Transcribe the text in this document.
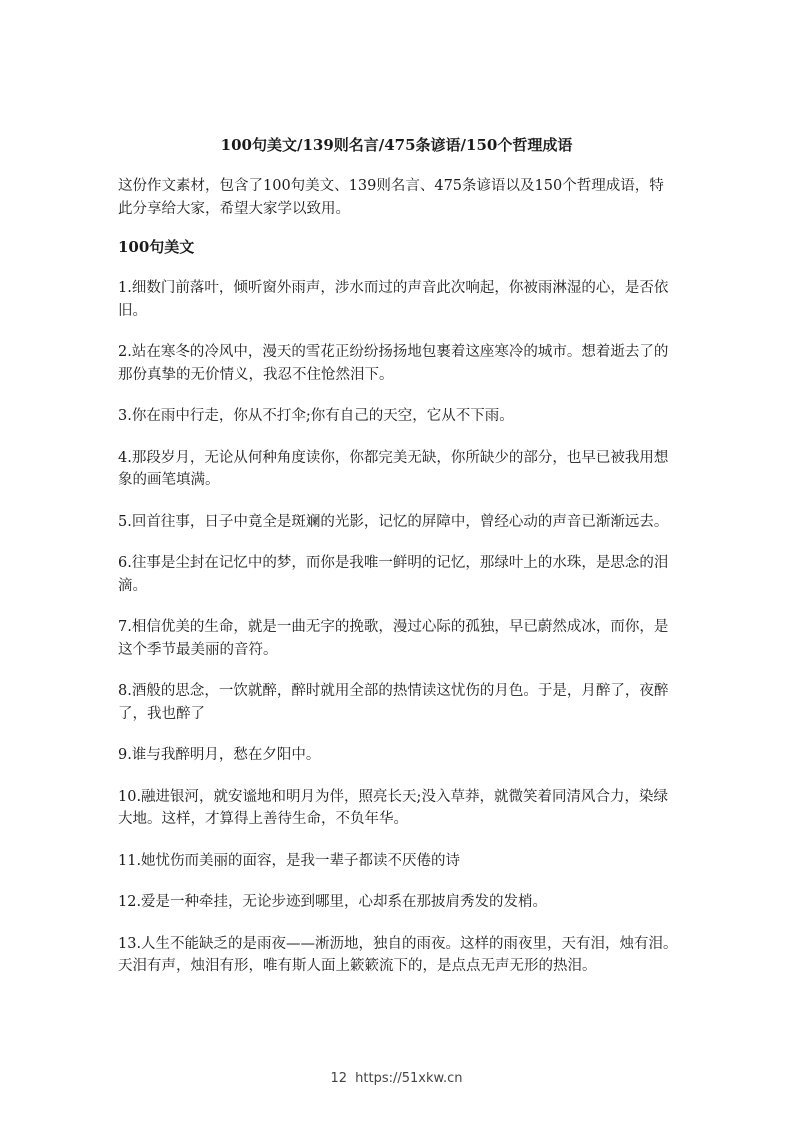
100句美文/139则名言/475条谚语/150个哲理成语

这份作文素材，包含了100句美文、139则名言、475条谚语以及150个哲理成语，特此分享给大家，希望大家学以致用。

100句美文

1.细数门前落叶，倾听窗外雨声，涉水而过的声音此次响起，你被雨淋湿的心，是否依旧。

2.站在寒冬的冷风中，漫天的雪花正纷纷扬扬地包裹着这座寒冷的城市。想着逝去了的那份真挚的无价情义，我忍不住怆然泪下。

3.你在雨中行走，你从不打伞;你有自己的天空，它从不下雨。

4.那段岁月，无论从何种角度读你，你都完美无缺，你所缺少的部分，也早已被我用想象的画笔填满。

5.回首往事，日子中竟全是斑斓的光影，记忆的屏障中，曾经心动的声音已渐渐远去。

6.往事是尘封在记忆中的梦，而你是我唯一鲜明的记忆，那绿叶上的水珠，是思念的泪滴。

7.相信优美的生命，就是一曲无字的挽歌，漫过心际的孤独，早已蔚然成冰，而你，是这个季节最美丽的音符。

8.酒般的思念，一饮就醉，醉时就用全部的热情读这忧伤的月色。于是，月醉了，夜醉了，我也醉了

9.谁与我醉明月，愁在夕阳中。

10.融进银河，就安谧地和明月为伴，照亮长天;没入草莽，就微笑着同清风合力，染绿大地。这样，才算得上善待生命，不负年华。

11.她忧伤而美丽的面容，是我一辈子都读不厌倦的诗

12.爱是一种牵挂，无论步迹到哪里，心却系在那披肩秀发的发梢。

13.人生不能缺乏的是雨夜——淅沥地，独自的雨夜。这样的雨夜里，天有泪，烛有泪。天泪有声，烛泪有形，唯有斯人面上簌簌流下的，是点点无声无形的热泪。

12 https://51xkw.cn
